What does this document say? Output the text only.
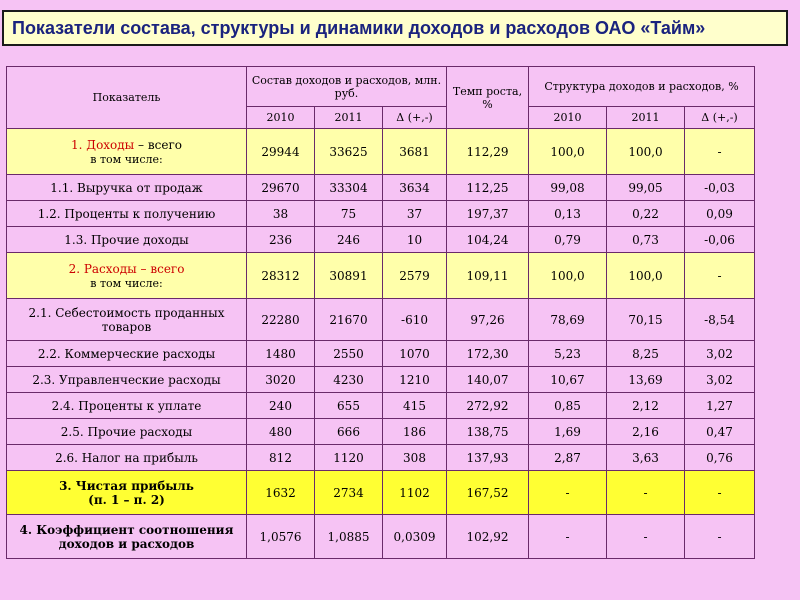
Показатели состава, структуры и динамики доходов и расходов ОАО «Тайм»
Показатель	Состав доходов и расходов, млн. руб.			Темп роста, %	Структура доходов и расходов, %		
	2010	2011	Δ (+,-)		2010	2011	Δ (+,-)
1. Доходы – всего
в том числе:	29944	33625	3681	112,29	100,0	100,0	-
1.1. Выручка от продаж	29670	33304	3634	112,25	99,08	99,05	-0,03
1.2. Проценты к получению	38	75	37	197,37	0,13	0,22	0,09
1.3. Прочие доходы	236	246	10	104,24	0,79	0,73	-0,06
2. Расходы – всего
в том числе:	28312	30891	2579	109,11	100,0	100,0	-
2.1. Себестоимость проданных товаров	22280	21670	-610	97,26	78,69	70,15	-8,54
2.2. Коммерческие расходы	1480	2550	1070	172,30	5,23	8,25	3,02
2.3. Управленческие расходы	3020	4230	1210	140,07	10,67	13,69	3,02
2.4. Проценты к уплате	240	655	415	272,92	0,85	2,12	1,27
2.5. Прочие расходы	480	666	186	138,75	1,69	2,16	0,47
2.6. Налог на прибыль	812	1120	308	137,93	2,87	3,63	0,76
3. Чистая прибыль
(п. 1 – п. 2)	1632	2734	1102	167,52	-	-	-
4. Коэффициент соотношения доходов и расходов	1,0576	1,0885	0,0309	102,92	-	-	-
